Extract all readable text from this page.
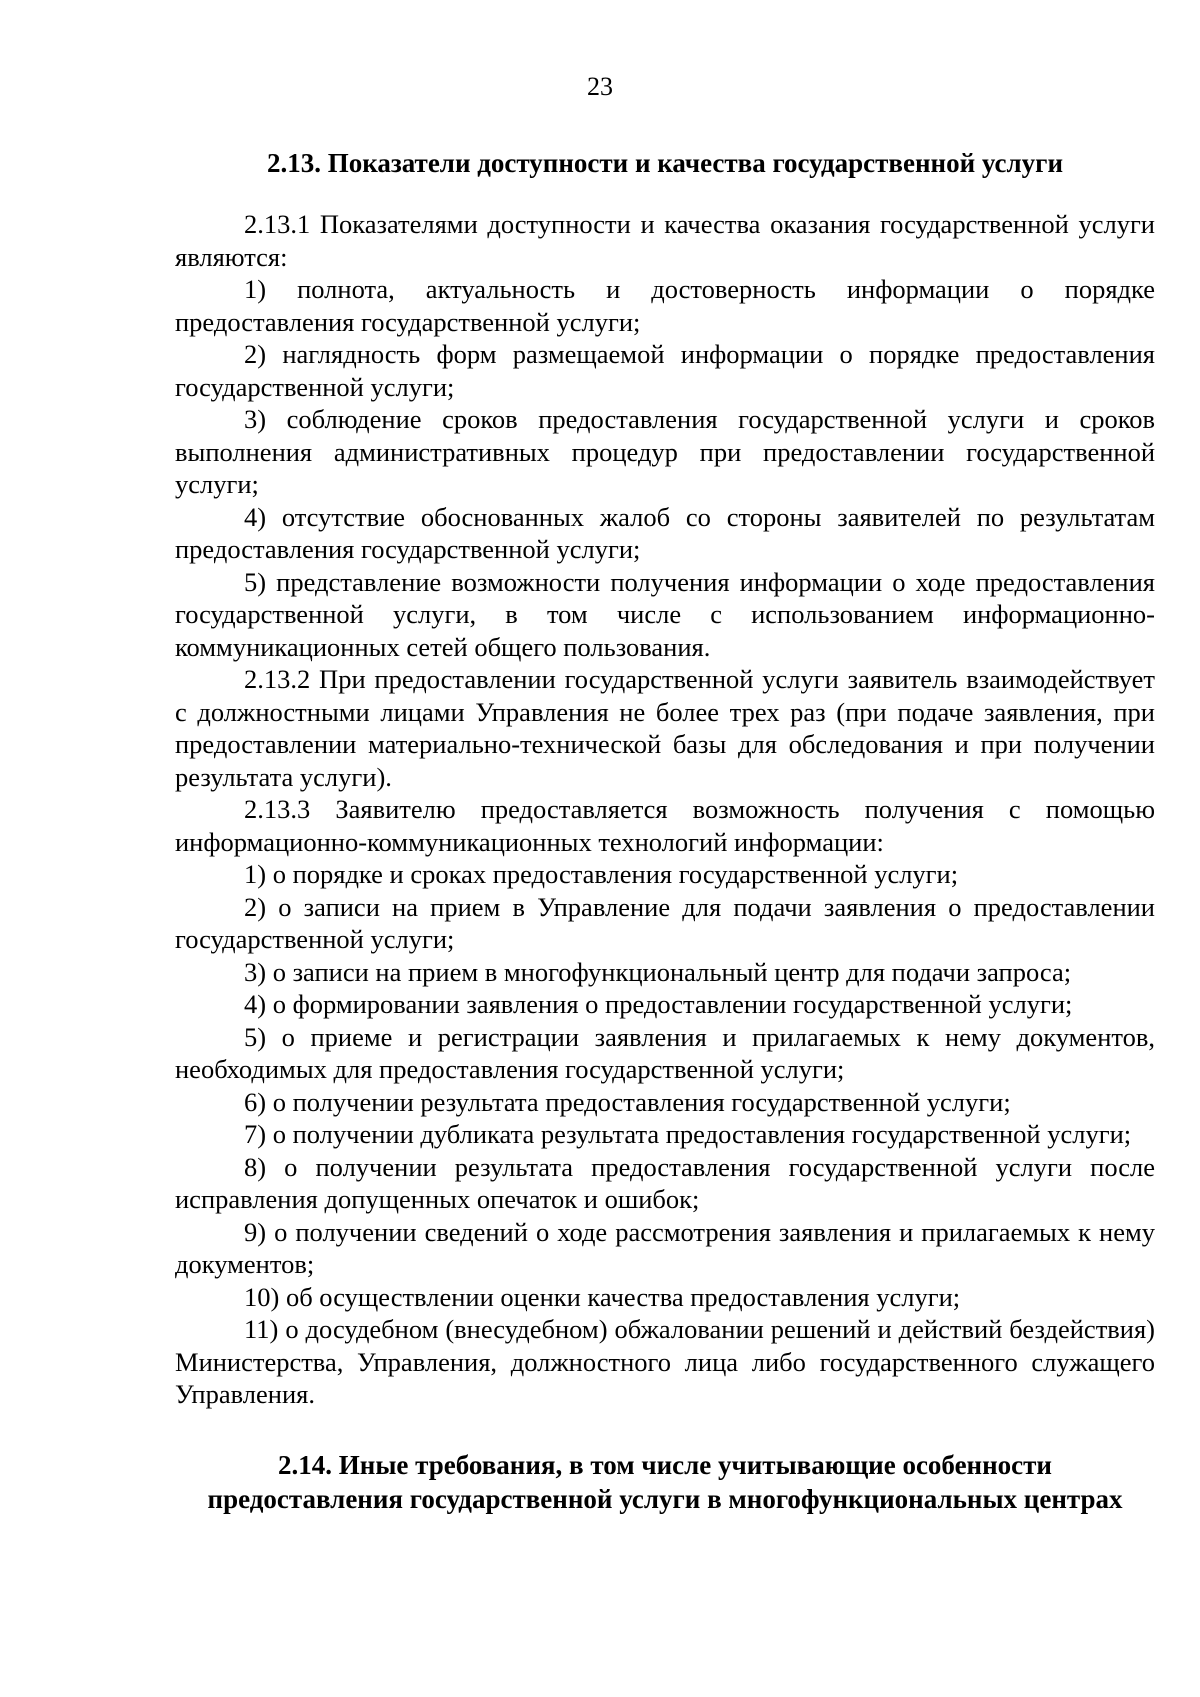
23
2.13. Показатели доступности и качества государственной услуги

2.13.1 Показателями доступности и качества оказания государственной услуги являются:

1) полнота, актуальность и достоверность информации о порядке предоставления государственной услуги;

2) наглядность форм размещаемой информации о порядке предоставления государственной услуги;

3) соблюдение сроков предоставления государственной услуги и сроков выполнения административных процедур при предоставлении государственной услуги;

4) отсутствие обоснованных жалоб со стороны заявителей по результатам предоставления государственной услуги;

5) представление возможности получения информации о ходе предоставления государственной услуги, в том числе с использованием информационно-коммуникационных сетей общего пользования.

2.13.2 При предоставлении государственной услуги заявитель взаимодействует с должностными лицами Управления не более трех раз (при подаче заявления, при предоставлении материально-технической базы для обследования и при получении результата услуги).

2.13.3 Заявителю предоставляется возможность получения с помощью информационно-коммуникационных технологий информации:

1) о порядке и сроках предоставления государственной услуги;

2) о записи на прием в Управление для подачи заявления о предоставлении государственной услуги;

3) о записи на прием в многофункциональный центр для подачи запроса;

4) о формировании заявления о предоставлении государственной услуги;

5) о приеме и регистрации заявления и прилагаемых к нему документов, необходимых для предоставления государственной услуги;

6) о получении результата предоставления государственной услуги;

7) о получении дубликата результата предоставления государственной услуги;

8) о получении результата предоставления государственной услуги после исправления допущенных опечаток и ошибок;

9) о получении сведений о ходе рассмотрения заявления и прилагаемых к нему документов;

10) об осуществлении оценки качества предоставления услуги;

11) о досудебном (внесудебном) обжаловании решений и действий бездействия) Министерства, Управления, должностного лица либо государственного служащего Управления.

2.14. Иные требования, в том числе учитывающие особенности
предоставления государственной услуги в многофункциональных центрах
